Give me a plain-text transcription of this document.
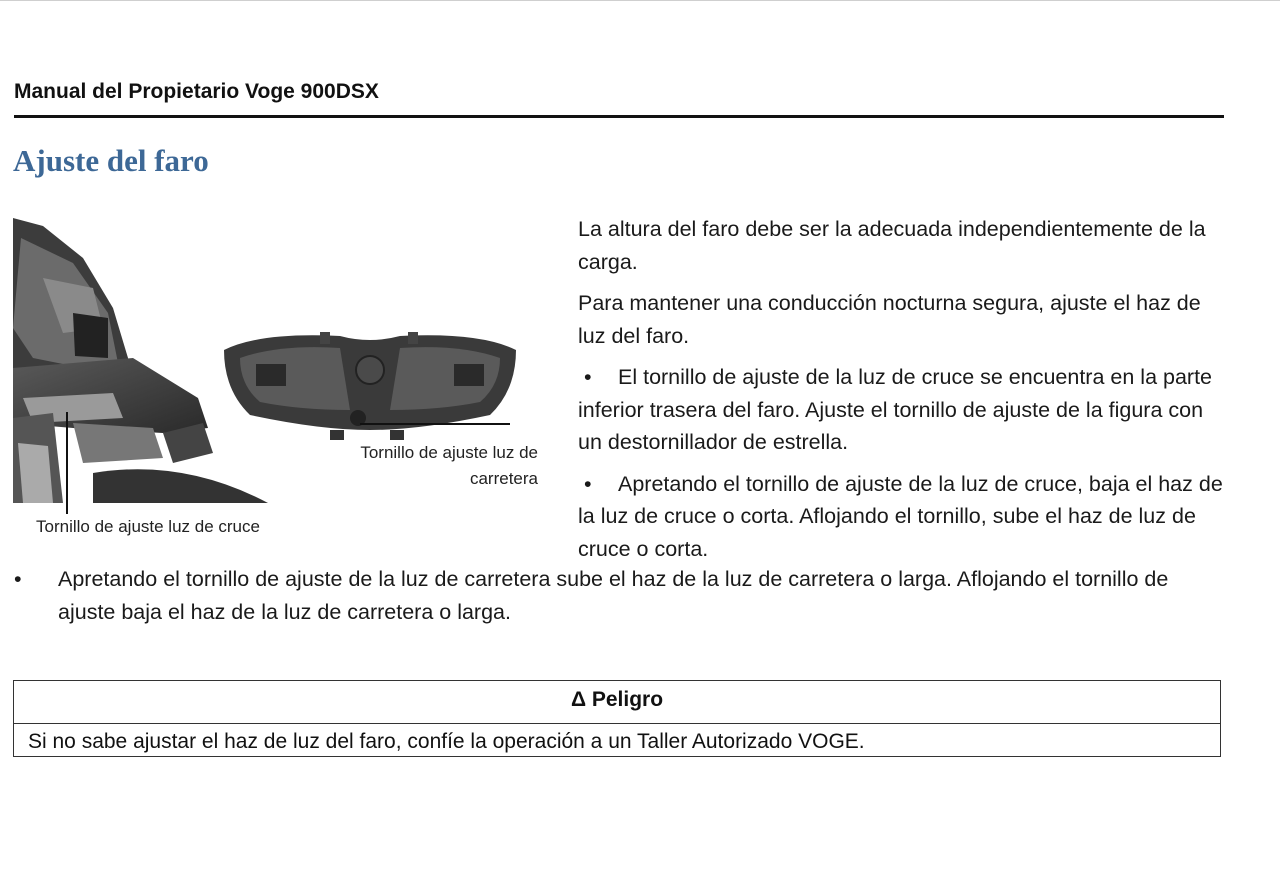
Manual del Propietario Voge 900DSX
Ajuste del faro
Tornillo de ajuste luz de carretera
Tornillo de ajuste luz de cruce

La altura del faro debe ser la adecuada independientemente de la carga.

Para mantener una conducción nocturna segura, ajuste el haz de luz del faro.

• El tornillo de ajuste de la luz de cruce se encuentra en la parte inferior trasera del faro. Ajuste el tornillo de ajuste de la figura con un destornillador de estrella.

• Apretando el tornillo de ajuste de la luz de cruce, baja el haz de la luz de cruce o corta. Aflojando el tornillo, sube el haz de luz de cruce o corta.

•	Apretando el tornillo de ajuste de la luz de carretera sube el haz de la luz de carretera o larga. Aflojando el tornillo de ajuste baja el haz de la luz de carretera o larga.
Δ Peligro
Si no sabe ajustar el haz de luz del faro, confíe la operación a un Taller Autorizado VOGE.
